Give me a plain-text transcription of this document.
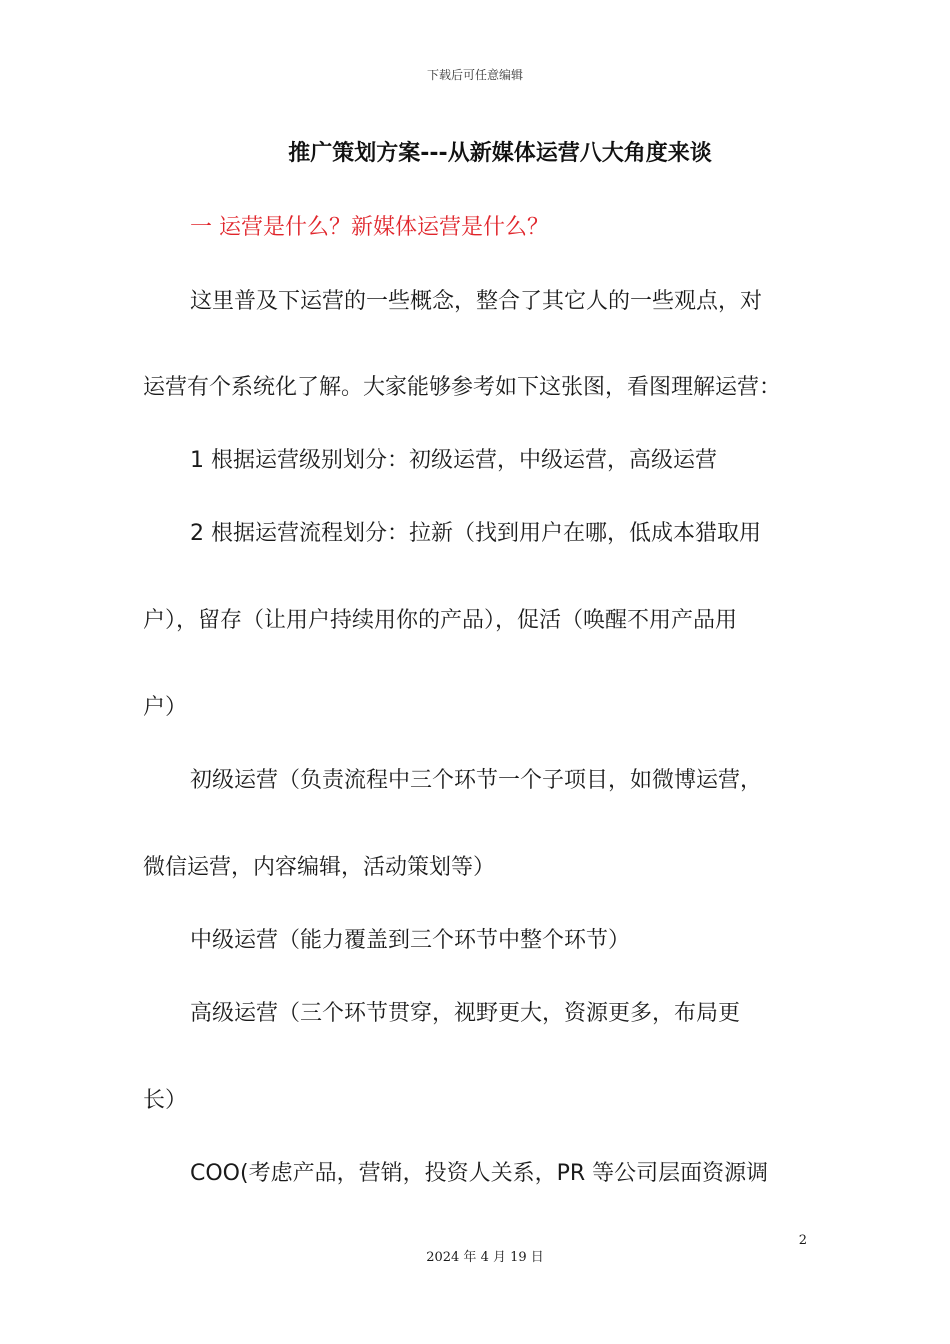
下载后可任意编辑
推广策划方案---从新媒体运营八大角度来谈
一 运营是什么？新媒体运营是什么？
这里普及下运营的一些概念，整合了其它人的一些观点，对
运营有个系统化了解。大家能够参考如下这张图，看图理解运营：
1 根据运营级别划分：初级运营，中级运营，高级运营
2 根据运营流程划分：拉新（找到用户在哪，低成本猎取用
户），留存（让用户持续用你的产品），促活（唤醒不用产品用
户）
初级运营（负责流程中三个环节一个子项目，如微博运营，
微信运营，内容编辑，活动策划等）
中级运营（能力覆盖到三个环节中整个环节）
高级运营（三个环节贯穿，视野更大，资源更多，布局更
长）
COO(考虑产品，营销，投资人关系，PR 等公司层面资源调
2
2024 年 4 月 19 日
